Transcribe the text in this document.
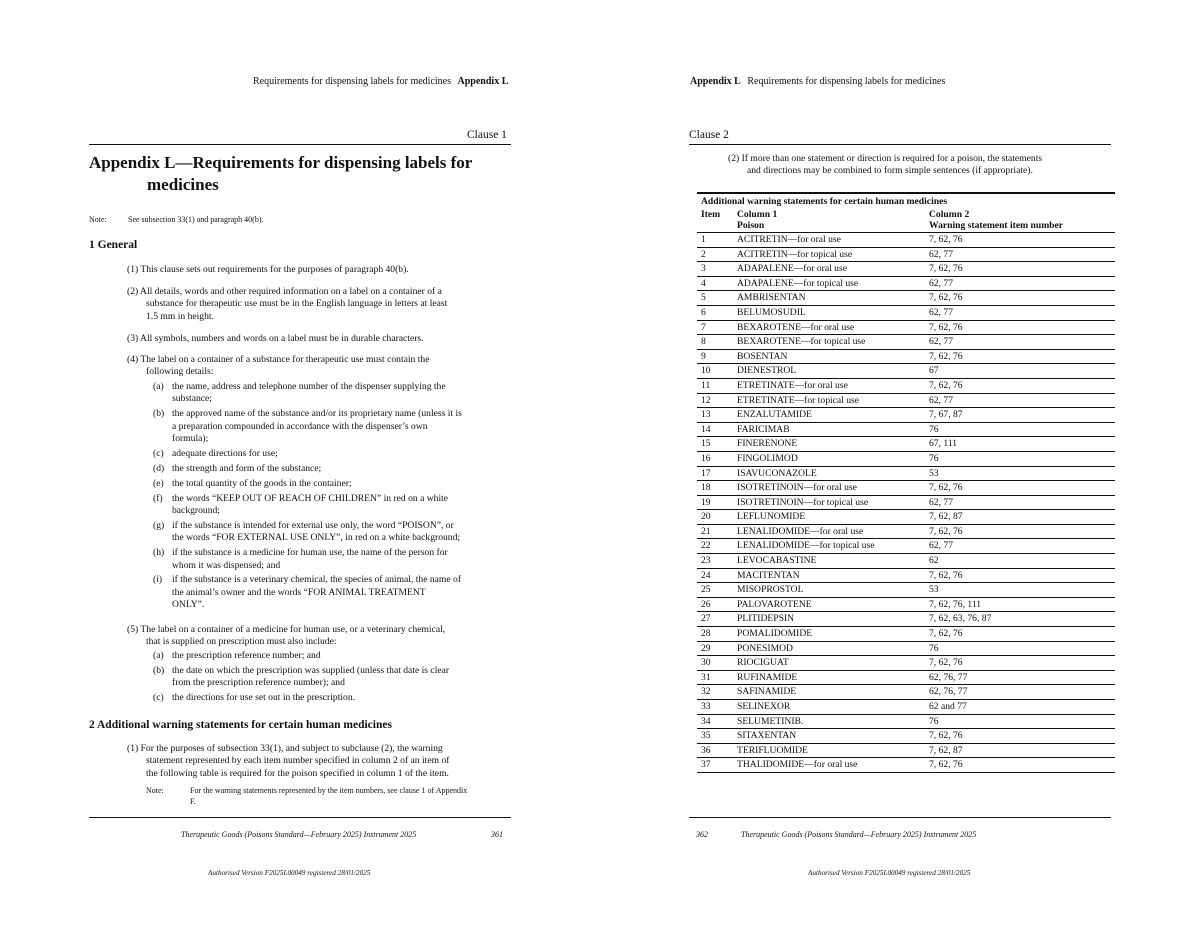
Requirements for dispensing labels for medicines Appendix L
Clause 1
Appendix L—Requirements for dispensing labels for
medicines
Note:	See subsection 33(1) and paragraph 40(b).
1 General
(1) This clause sets out requirements for the purposes of paragraph 40(b).
(2) All details, words and other required information on a label on a container of a
substance for therapeutic use must be in the English language in letters at least
1.5 mm in height.
(3) All symbols, numbers and words on a label must be in durable characters.
(4) The label on a container of a substance for therapeutic use must contain the
following details:
(a) the name, address and telephone number of the dispenser supplying the
substance;
(b) the approved name of the substance and/or its proprietary name (unless it is
a preparation compounded in accordance with the dispenser’s own
formula);
(c) adequate directions for use;
(d) the strength and form of the substance;
(e) the total quantity of the goods in the container;
(f) the words “KEEP OUT OF REACH OF CHILDREN” in red on a white
background;
(g) if the substance is intended for external use only, the word “POISON”, or
the words “FOR EXTERNAL USE ONLY”, in red on a white background;
(h) if the substance is a medicine for human use, the name of the person for
whom it was dispensed; and
(i) if the substance is a veterinary chemical, the species of animal, the name of
the animal’s owner and the words “FOR ANIMAL TREATMENT
ONLY”.
(5) The label on a container of a medicine for human use, or a veterinary chemical,
that is supplied on prescription must also include:
(a) the prescription reference number; and
(b) the date on which the prescription was supplied (unless that date is clear
from the prescription reference number); and
(c) the directions for use set out in the prescription.
2 Additional warning statements for certain human medicines
(1) For the purposes of subsection 33(1), and subject to subclause (2), the warning
statement represented by each item number specified in column 2 of an item of
the following table is required for the poison specified in column 1 of the item.
Note:	For the warning statements represented by the item numbers, see clause 1 of Appendix
F.
Therapeutic Goods (Poisons Standard—February 2025) Instrument 2025	361
Authorised Version F2025L00049 registered 28/01/2025
Appendix L Requirements for dispensing labels for medicines
Clause 2
(2) If more than one statement or direction is required for a poison, the statements
and directions may be combined to form simple sentences (if appropriate).
362	Therapeutic Goods (Poisons Standard—February 2025) Instrument 2025
Authorised Version F2025L00049 registered 28/01/2025
Additional warning statements for certain human medicines
Item Column 1
Poison
Column 2
Warning statement item number
1	ACITRETIN—for oral use	7, 62, 76
2	ACITRETIN—for topical use	62, 77
3	ADAPALENE—for oral use	7, 62, 76
4	ADAPALENE—for topical use	62, 77
5	AMBRISENTAN	7, 62, 76
6	BELUMOSUDIL	62, 77
7	BEXAROTENE—for oral use	7, 62, 76
8	BEXAROTENE—for topical use	62, 77
9	BOSENTAN	7, 62, 76
10	DIENESTROL	67
11	ETRETINATE—for oral use	7, 62, 76
12	ETRETINATE—for topical use	62, 77
13	ENZALUTAMIDE	7, 67, 87
14	FARICIMAB	76
15	FINERENONE	67, 111
16	FINGOLIMOD	76
17	ISAVUCONAZOLE	53
18	ISOTRETINOIN—for oral use	7, 62, 76
19	ISOTRETINOIN—for topical use	62, 77
20	LEFLUNOMIDE	7, 62, 87
21	LENALIDOMIDE—for oral use	7, 62, 76
22	LENALIDOMIDE—for topical use	62, 77
23	LEVOCABASTINE	62
24	MACITENTAN	7, 62, 76
25	MISOPROSTOL	53
26	PALOVAROTENE	7, 62, 76, 111
27	PLITIDEPSIN	7, 62, 63, 76, 87
28	POMALIDOMIDE	7, 62, 76
29	PONESIMOD	76
30	RIOCIGUAT	7, 62, 76
31	RUFINAMIDE	62, 76, 77
32	SAFINAMIDE	62, 76, 77
33	SELINEXOR	62 and 77
34	SELUMETINIB.	76
35	SITAXENTAN	7, 62, 76
36	TERIFLUOMIDE	7, 62, 87
37	THALIDOMIDE—for oral use	7, 62, 76
